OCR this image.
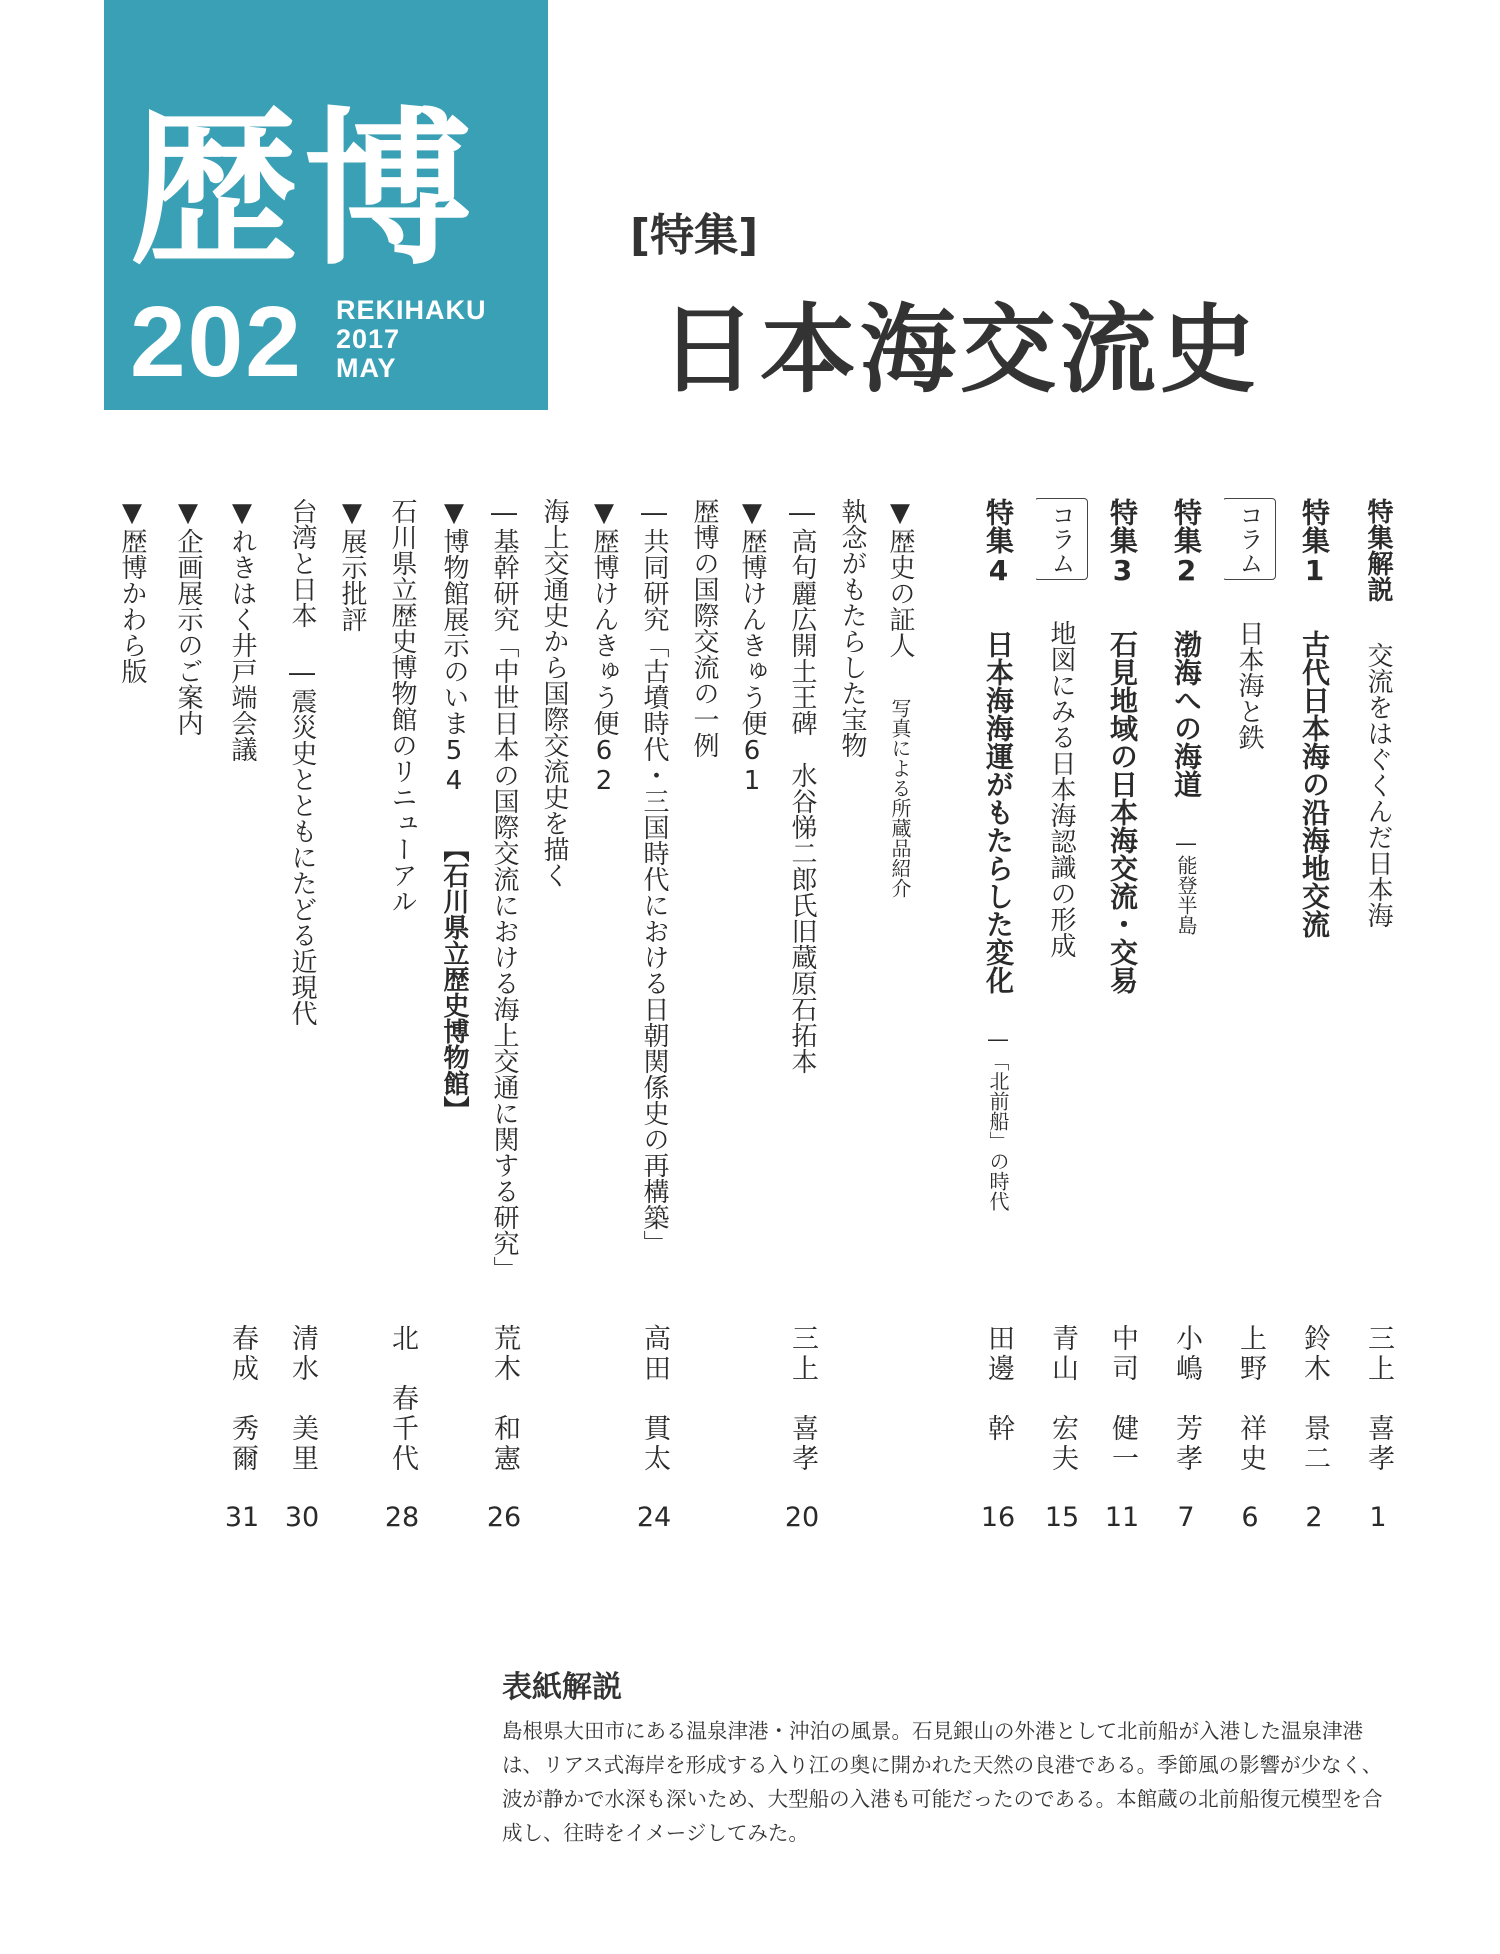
歴博
202 REKIHAKU
2017
MAY
[特集]
日本海交流史
特集解説 交流をはぐくんだ日本海
三上　喜孝
1
特集1 古代日本海の沿海地交流
鈴木　景二
2
コラム 日本海と鉄
上野　祥史
6
特集2 渤海への海道 ―能登半島
小嶋　芳孝
7
特集3 石見地域の日本海交流・交易
中司　健一
11
コラム 地図にみる日本海認識の形成
青山　宏夫
15
特集4 日本海海運がもたらした変化 ―「北前船」の時代
田邊　幹
16
▼歴史の証人 写真による所蔵品紹介
執念がもたらした宝物
―高句麗広開土王碑　水谷悌二郎氏旧蔵原石拓本
三上　喜孝
20
▼歴博けんきゅう便61
歴博の国際交流の一例
―共同研究「古墳時代・三国時代における日朝関係史の再構築」
高田　貫太
24
▼歴博けんきゅう便62
海上交通史から国際交流史を描く
―基幹研究「中世日本の国際交流における海上交通に関する研究」
荒木　和憲
26
▼博物館展示のいま54 【石川県立歴史博物館】
石川県立歴史博物館のリニューアル
北　春千代
28
▼展示批評
台湾と日本 ―震災史とともにたどる近現代
清水　美里
30
▼れきはく井戸端会議
春成　秀爾
31
▼企画展示のご案内
▼歴博かわら版
表紙解説
島根県大田市にある温泉津港・沖泊の風景。石見銀山の外港として北前船が入港した温泉津港は、リアス式海岸を形成する入り江の奥に開かれた天然の良港である。季節風の影響が少なく、波が静かで水深も深いため、大型船の入港も可能だったのである。本館蔵の北前船復元模型を合成し、往時をイメージしてみた。
